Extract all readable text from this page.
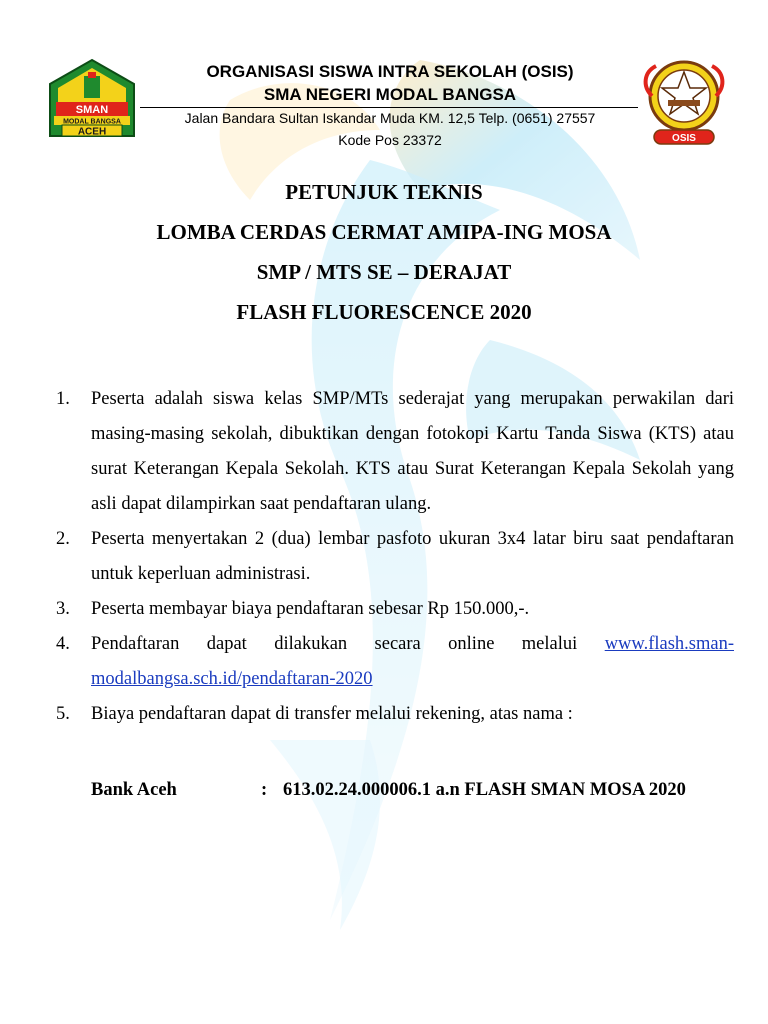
SMAN
MODAL BANGSA
ACEH
OSIS
ORGANISASI SISWA INTRA SEKOLAH (OSIS)
SMA NEGERI MODAL BANGSA
Jalan Bandara Sultan Iskandar Muda KM. 12,5 Telp. (0651) 27557
Kode Pos 23372
PETUNJUK TEKNIS
LOMBA CERDAS CERMAT AMIPA-ING MOSA
SMP / MTS SE – DERAJAT
FLASH FLUORESCENCE 2020
1. Peserta adalah siswa kelas SMP/MTs sederajat yang merupakan perwakilan dari masing-masing sekolah, dibuktikan dengan fotokopi Kartu Tanda Siswa (KTS) atau surat Keterangan Kepala Sekolah. KTS atau Surat Keterangan Kepala Sekolah yang asli dapat dilampirkan saat pendaftaran ulang.
2. Peserta menyertakan 2 (dua) lembar pasfoto ukuran 3x4 latar biru saat pendaftaran untuk keperluan administrasi.
3. Peserta membayar biaya pendaftaran sebesar Rp 150.000,-.
4. Pendaftaran dapat dilakukan secara online melalui www.flash.sman-modalbangsa.sch.id/pendaftaran-2020
5. Biaya pendaftaran dapat di transfer melalui rekening, atas nama :
Bank Aceh	: 613.02.24.000006.1 a.n FLASH SMAN MOSA 2020
